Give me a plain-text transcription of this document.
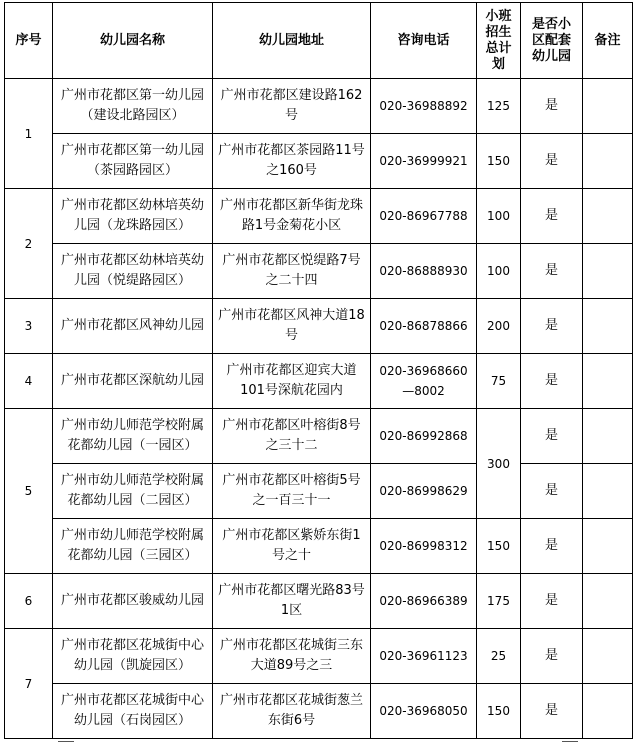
序号	幼儿园名称	幼儿园地址	咨询电话	小班招生总计划	是否小区配套幼儿园	备注

1	广州市花都区第一幼儿园（建设北路园区）	广州市花都区建设路162号	020-36988892	125	是	

	广州市花都区第一幼儿园（茶园路园区）	广州市花都区茶园路11号之160号	020-36999921	150	是	
2	广州市花都区幼林培英幼儿园（龙珠路园区）	广州市花都区新华街龙珠路1号金菊花小区	020-86967788	100	是	

	广州市花都区幼林培英幼儿园（悦缇路园区）	广州市花都区悦缇路7号之二十四	020-86888930	100	是	
3	广州市花都区风神幼儿园	广州市花都区风神大道18号	020-86878866	200	是	
4	广州市花都区深航幼儿园	广州市花都区迎宾大道101号深航花园内	020-36968660—8002	75	是	
5	广州市幼儿师范学校附属花都幼儿园（一园区）	广州市花都区叶榕街8号之三十二	020-86992868	300	是	

	广州市幼儿师范学校附属花都幼儿园（二园区）	广州市花都区叶榕街5号之一百三十一	020-86998629		是	

	广州市幼儿师范学校附属花都幼儿园（三园区）	广州市花都区紫娇东街1号之十	020-86998312	150	是	
6	广州市花都区骏威幼儿园	广州市花都区曙光路83号1区	020-86966389	175	是	
7	广州市花都区花城街中心幼儿园（凯旋园区）	广州市花都区花城街三东大道89号之三	020-36961123	25	是	

	广州市花都区花城街中心幼儿园（石岗园区）	广州市花都区花城街葱兰东街6号	020-36968050	150	是	
